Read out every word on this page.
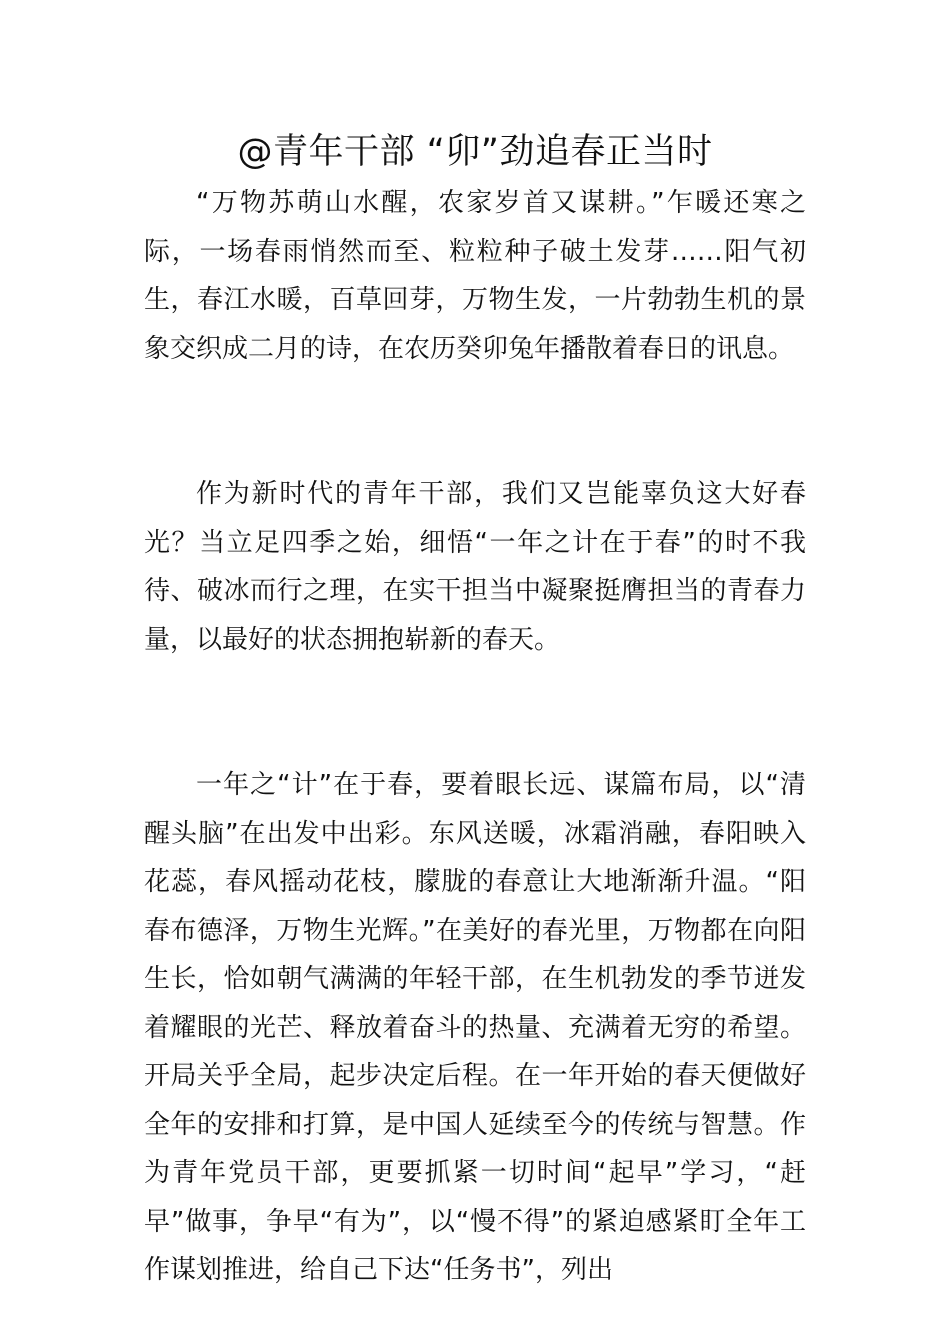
@青年干部 “卯”劲追春正当时

“万物苏萌山水醒，农家岁首又谋耕。”乍暖还寒之际，一场春雨悄然而至、粒粒种子破土发芽……阳气初生，春江水暖，百草回芽，万物生发，一片勃勃生机的景象交织成二月的诗，在农历癸卯兔年播散着春日的讯息。

作为新时代的青年干部，我们又岂能辜负这大好春光？当立足四季之始，细悟“一年之计在于春”的时不我待、破冰而行之理，在实干担当中凝聚挺膺担当的青春力量，以最好的状态拥抱崭新的春天。

一年之“计”在于春，要着眼长远、谋篇布局，以“清醒头脑”在出发中出彩。东风送暖，冰霜消融，春阳映入花蕊，春风摇动花枝，朦胧的春意让大地渐渐升温。“阳春布德泽，万物生光辉。”在美好的春光里，万物都在向阳生长，恰如朝气满满的年轻干部，在生机勃发的季节迸发着耀眼的光芒、释放着奋斗的热量、充满着无穷的希望。开局关乎全局，起步决定后程。在一年开始的春天便做好全年的安排和打算，是中国人延续至今的传统与智慧。作为青年党员干部，更要抓紧一切时间“起早”学习，“赶早”做事，争早“有为”，以“慢不得”的紧迫感紧盯全年工作谋划推进，给自己下达“任务书”，列出
